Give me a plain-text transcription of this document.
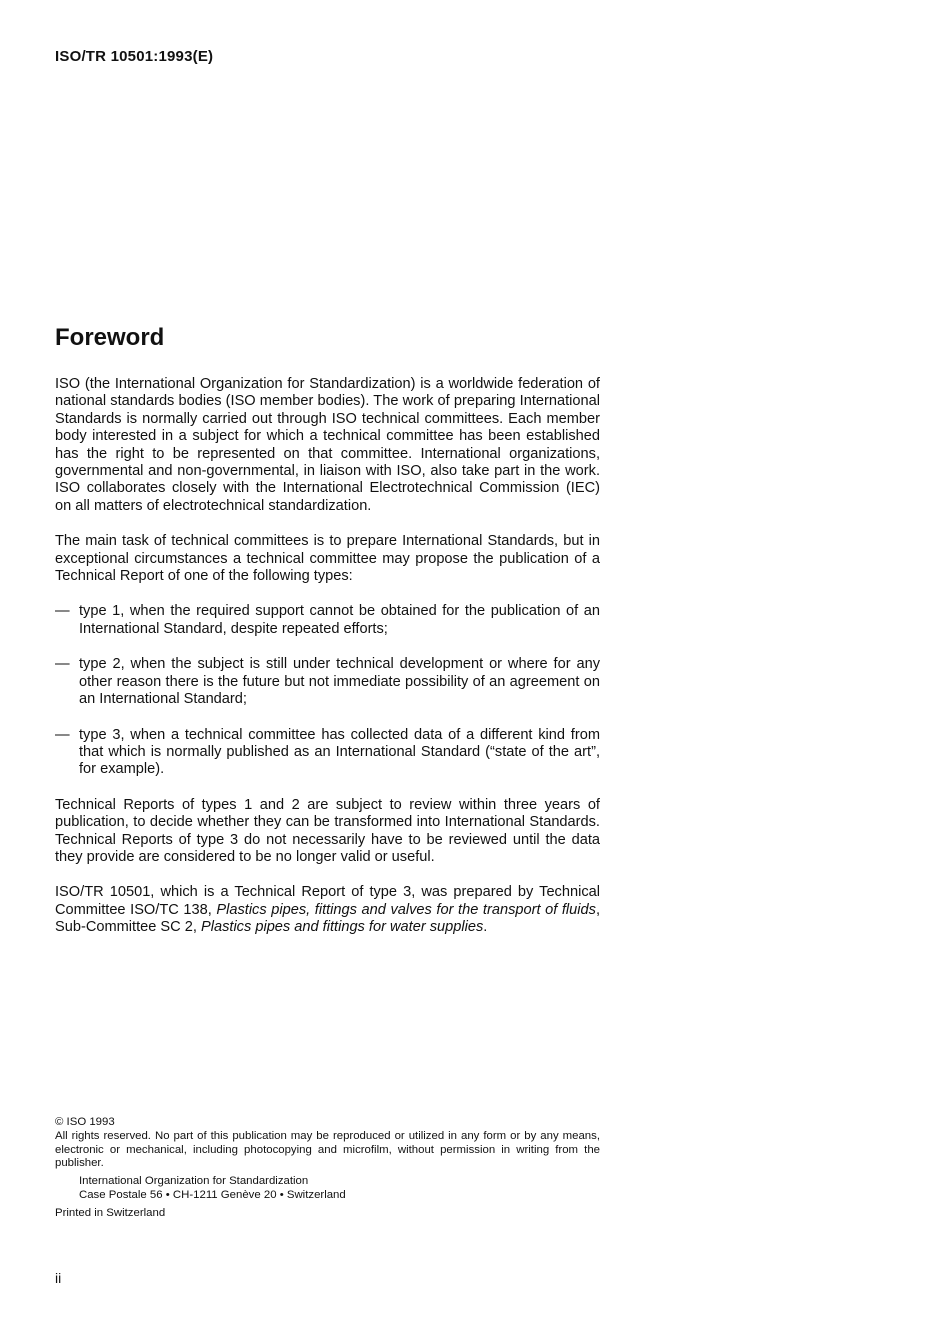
ISO/TR 10501:1993(E)
Foreword

ISO (the International Organization for Standardization) is a worldwide federation of national standards bodies (ISO member bodies). The work of preparing International Standards is normally carried out through ISO technical committees. Each member body interested in a subject for which a technical committee has been established has the right to be represented on that committee. International organizations, governmental and non-governmental, in liaison with ISO, also take part in the work. ISO collaborates closely with the International Electrotechnical Commission (IEC) on all matters of electrotechnical standardization.

The main task of technical committees is to prepare International Standards, but in exceptional circumstances a technical committee may propose the publication of a Technical Report of one of the following types:

— type 1, when the required support cannot be obtained for the publication of an International Standard, despite repeated efforts;
— type 2, when the subject is still under technical development or where for any other reason there is the future but not immediate possibility of an agreement on an International Standard;
— type 3, when a technical committee has collected data of a different kind from that which is normally published as an International Standard (“state of the art”, for example).

Technical Reports of types 1 and 2 are subject to review within three years of publication, to decide whether they can be transformed into International Standards. Technical Reports of type 3 do not necessarily have to be reviewed until the data they provide are considered to be no longer valid or useful.

ISO/TR 10501, which is a Technical Report of type 3, was prepared by Technical Committee ISO/TC 138, Plastics pipes, fittings and valves for the transport of fluids, Sub-Committee SC 2, Plastics pipes and fittings for water supplies.

© ISO 1993
All rights reserved. No part of this publication may be reproduced or utilized in any form or by any means, electronic or mechanical, including photocopying and microfilm, without permission in writing from the publisher.
International Organization for Standardization
Case Postale 56 • CH-1211 Genève 20 • Switzerland
Printed in Switzerland
ii
